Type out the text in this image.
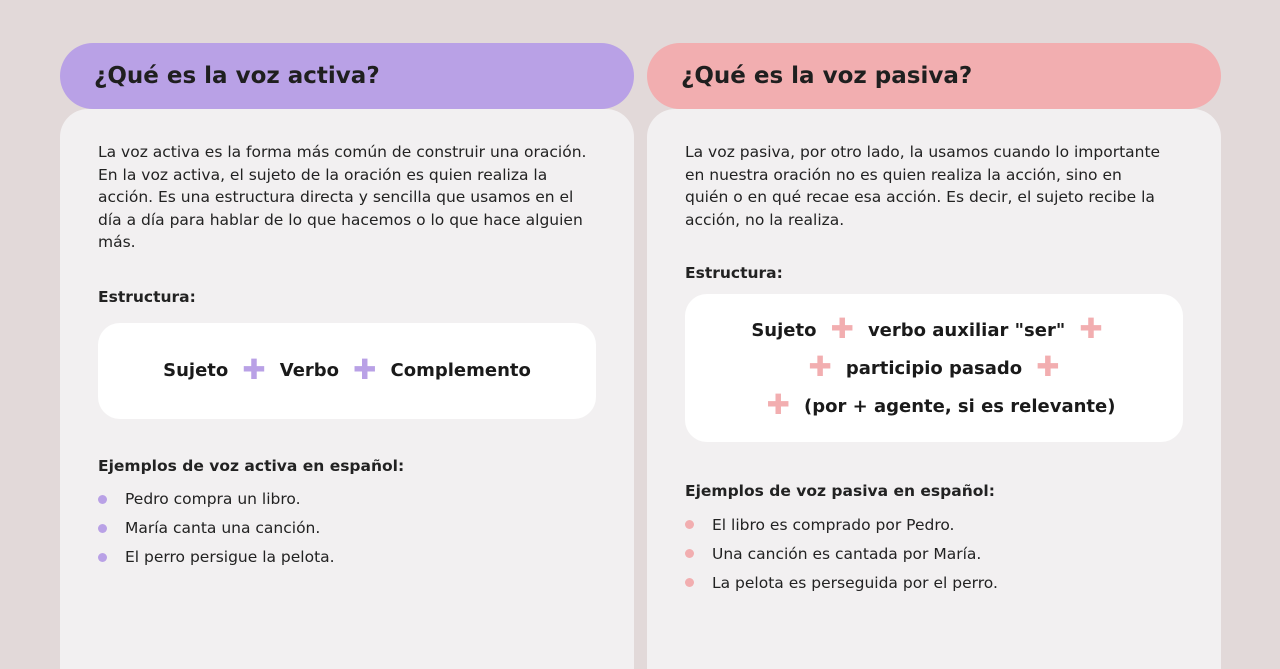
¿Qué es la voz activa?

La voz activa es la forma más común de construir una oración. En la voz activa, el sujeto de la oración es quien realiza la acción. Es una estructura directa y sencilla que usamos en el día a día para hablar de lo que hacemos o lo que hace alguien más.

Estructura:

Sujeto ✚ Verbo ✚ Complemento

Ejemplos de voz activa en español:

Pedro compra un libro.
María canta una canción.
El perro persigue la pelota.
¿Qué es la voz pasiva?

La voz pasiva, por otro lado, la usamos cuando lo importante en nuestra oración no es quien realiza la acción, sino en quién o en qué recae esa acción. Es decir, el sujeto recibe la acción, no la realiza.

Estructura:

Sujeto ✚ verbo auxiliar "ser" ✚
✚ participio pasado ✚
✚ (por + agente, si es relevante)

Ejemplos de voz pasiva en español:

El libro es comprado por Pedro.
Una canción es cantada por María.
La pelota es perseguida por el perro.
